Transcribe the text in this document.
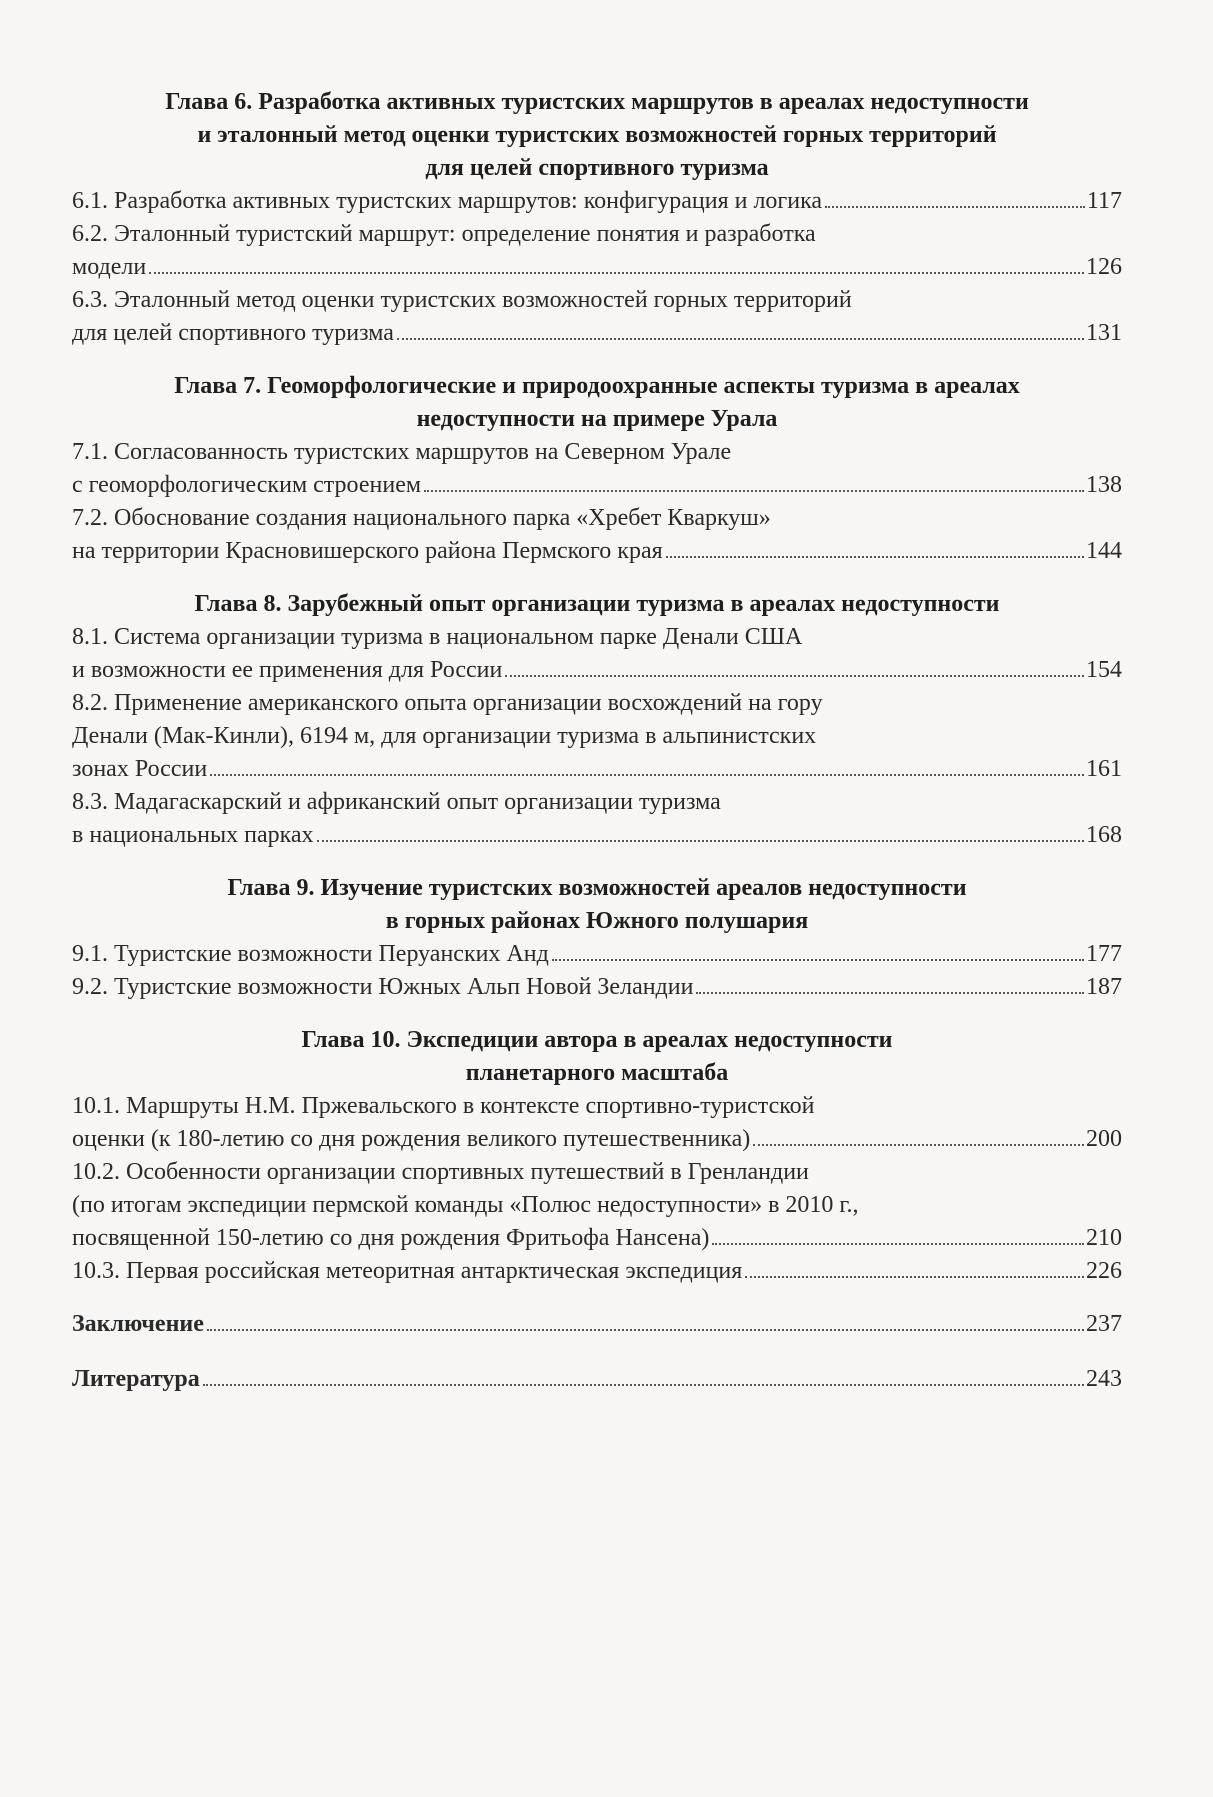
Глава 6. Разработка активных туристских маршрутов в ареалах недоступности
и эталонный метод оценки туристских возможностей горных территорий
для целей спортивного туризма
6.1. Разработка активных туристских маршрутов: конфигурация и логика	117
6.2. Эталонный туристский маршрут: определение понятия и разработка
модели	126
6.3. Эталонный метод оценки туристских возможностей горных территорий
для целей спортивного туризма	131
Глава 7. Геоморфологические и природоохранные аспекты туризма в ареалах
недоступности на примере Урала
7.1. Согласованность туристских маршрутов на Северном Урале
с геоморфологическим строением	138
7.2. Обоснование создания национального парка «Хребет Кваркуш»
на территории Красновишерского района Пермского края	144
Глава 8. Зарубежный опыт организации туризма в ареалах недоступности
8.1. Система организации туризма в национальном парке Денали США
и возможности ее применения для России	154
8.2. Применение американского опыта организации восхождений на гору
Денали (Мак-Кинли), 6194 м, для организации туризма в альпинистских
зонах России	161
8.3. Мадагаскарский и африканский опыт организации туризма
в национальных парках	168
Глава 9. Изучение туристских возможностей ареалов недоступности
в горных районах Южного полушария
9.1. Туристские возможности Перуанских Анд	177
9.2. Туристские возможности Южных Альп Новой Зеландии	187
Глава 10. Экспедиции автора в ареалах недоступности
планетарного масштаба
10.1. Маршруты Н.М. Пржевальского в контексте спортивно-туристской
оценки (к 180-летию со дня рождения великого путешественника)	200
10.2. Особенности организации спортивных путешествий в Гренландии
(по итогам экспедиции пермской команды «Полюс недоступности» в 2010 г.,
посвященной 150-летию со дня рождения Фритьофа Нансена)	210
10.3. Первая российская метеоритная антарктическая экспедиция	226
Заключение	237
Литература	243
